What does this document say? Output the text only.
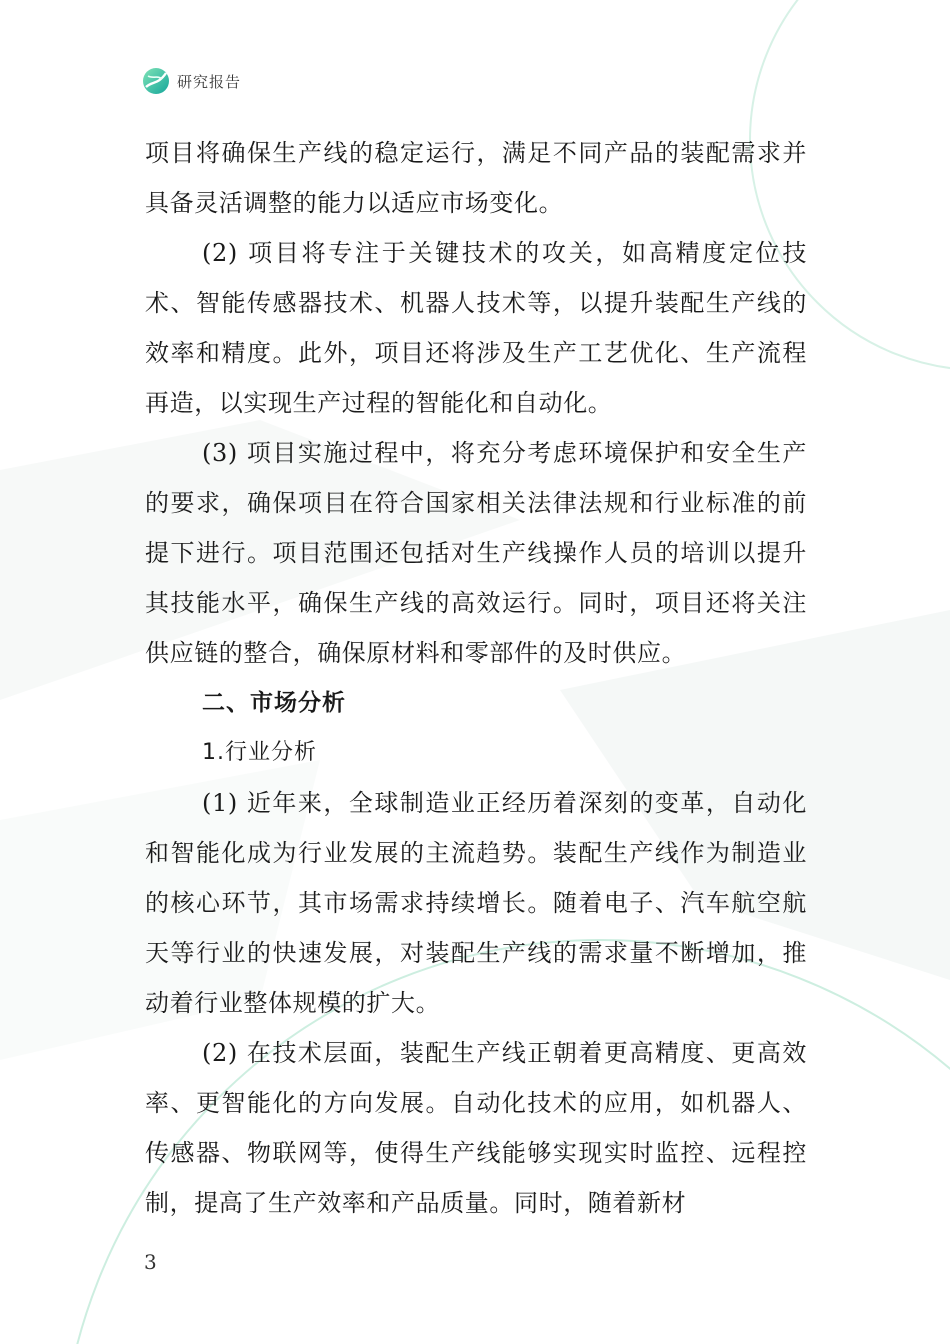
研究报告

项目将确保生产线的稳定运行，满足不同产品的装配需求并具备灵活调整的能力以适应市场变化。

(2) 项目将专注于关键技术的攻关，如高精度定位技术、智能传感器技术、机器人技术等，以提升装配生产线的效率和精度。此外，项目还将涉及生产工艺优化、生产流程再造，以实现生产过程的智能化和自动化。

(3) 项目实施过程中，将充分考虑环境保护和安全生产的要求，确保项目在符合国家相关法律法规和行业标准的前提下进行。项目范围还包括对生产线操作人员的培训以提升其技能水平，确保生产线的高效运行。同时，项目还将关注供应链的整合，确保原材料和零部件的及时供应。

二、市场分析

1.行业分析

(1) 近年来，全球制造业正经历着深刻的变革，自动化和智能化成为行业发展的主流趋势。装配生产线作为制造业的核心环节，其市场需求持续增长。随着电子、汽车航空航天等行业的快速发展，对装配生产线的需求量不断增加，推动着行业整体规模的扩大。

(2) 在技术层面，装配生产线正朝着更高精度、更高效率、更智能化的方向发展。自动化技术的应用，如机器人、传感器、物联网等，使得生产线能够实现实时监控、远程控制，提高了生产效率和产品质量。同时，随着新材

3
